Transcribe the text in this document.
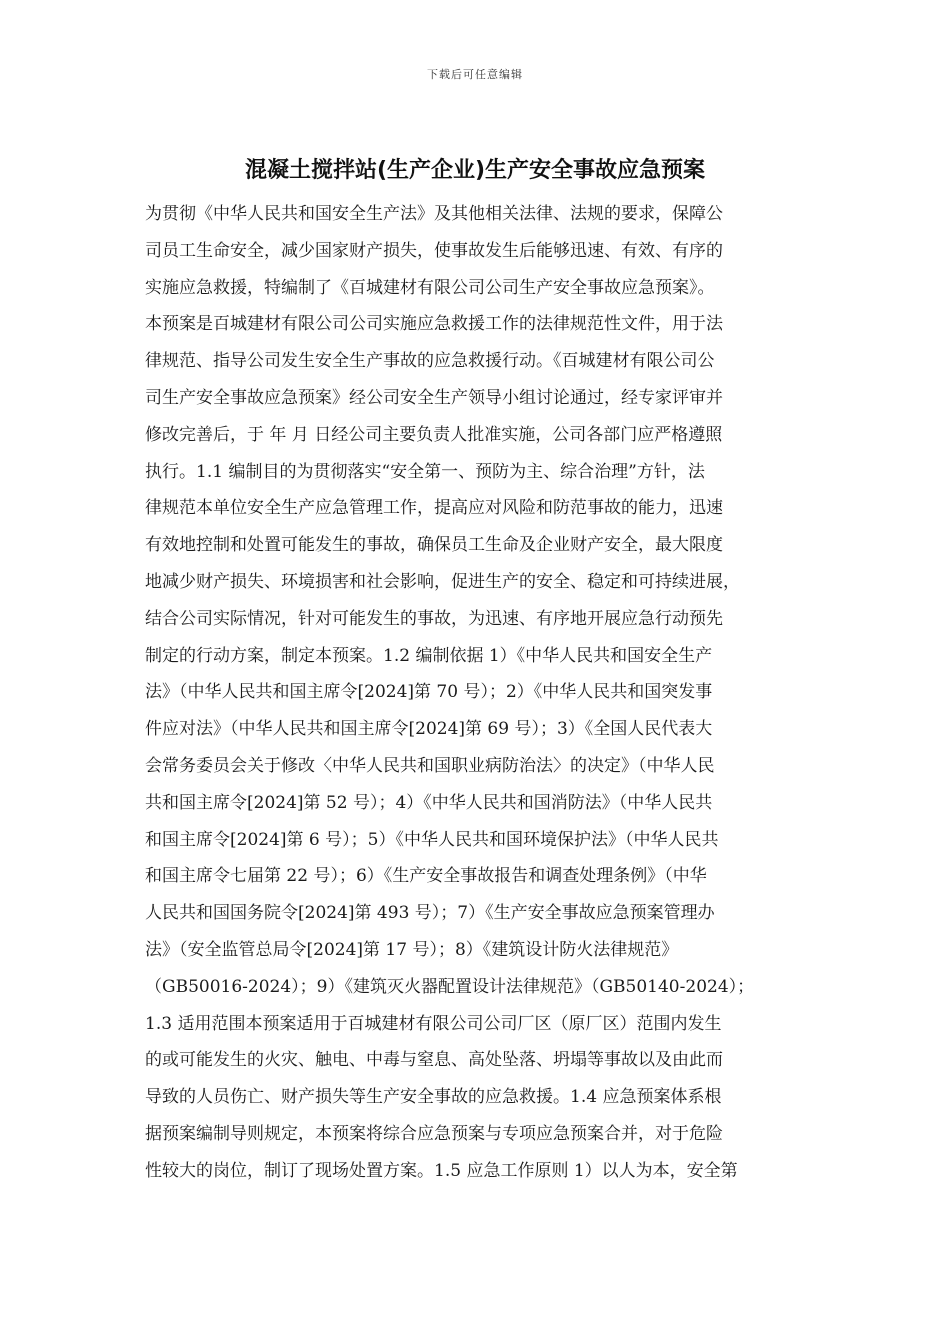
下载后可任意编辑
混凝土搅拌站(生产企业)生产安全事故应急预案
为贯彻《中华人民共和国安全生产法》及其他相关法律、法规的要求，保障公
司员工生命安全，减少国家财产损失，使事故发生后能够迅速、有效、有序的
实施应急救援，特编制了《百城建材有限公司公司生产安全事故应急预案》。
本预案是百城建材有限公司公司实施应急救援工作的法律规范性文件，用于法
律规范、指导公司发生安全生产事故的应急救援行动。《百城建材有限公司公
司生产安全事故应急预案》经公司安全生产领导小组讨论通过，经专家评审并
修改完善后，于 年 月 日经公司主要负责人批准实施，公司各部门应严格遵照
执行。1.1 编制目的为贯彻落实“安全第一、预防为主、综合治理”方针，法
律规范本单位安全生产应急管理工作，提高应对风险和防范事故的能力，迅速
有效地控制和处置可能发生的事故，确保员工生命及企业财产安全，最大限度
地减少财产损失、环境损害和社会影响，促进生产的安全、稳定和可持续进展，
结合公司实际情况，针对可能发生的事故，为迅速、有序地开展应急行动预先
制定的行动方案，制定本预案。1.2 编制依据 1）《中华人民共和国安全生产
法》（中华人民共和国主席令[2024]第 70 号）；2）《中华人民共和国突发事
件应对法》（中华人民共和国主席令[2024]第 69 号）；3）《全国人民代表大
会常务委员会关于修改〈中华人民共和国职业病防治法〉的决定》（中华人民
共和国主席令[2024]第 52 号）；4）《中华人民共和国消防法》（中华人民共
和国主席令[2024]第 6 号）；5）《中华人民共和国环境保护法》（中华人民共
和国主席令七届第 22 号）；6）《生产安全事故报告和调查处理条例》（中华
人民共和国国务院令[2024]第 493 号）；7）《生产安全事故应急预案管理办
法》（安全监管总局令[2024]第 17 号）；8）《建筑设计防火法律规范》
（GB50016-2024）；9）《建筑灭火器配置设计法律规范》（GB50140-2024）；
1.3 适用范围本预案适用于百城建材有限公司公司厂区（原厂区）范围内发生
的或可能发生的火灾、触电、中毒与窒息、高处坠落、坍塌等事故以及由此而
导致的人员伤亡、财产损失等生产安全事故的应急救援。1.4 应急预案体系根
据预案编制导则规定，本预案将综合应急预案与专项应急预案合并，对于危险
性较大的岗位，制订了现场处置方案。1.5 应急工作原则 1）以人为本，安全第
